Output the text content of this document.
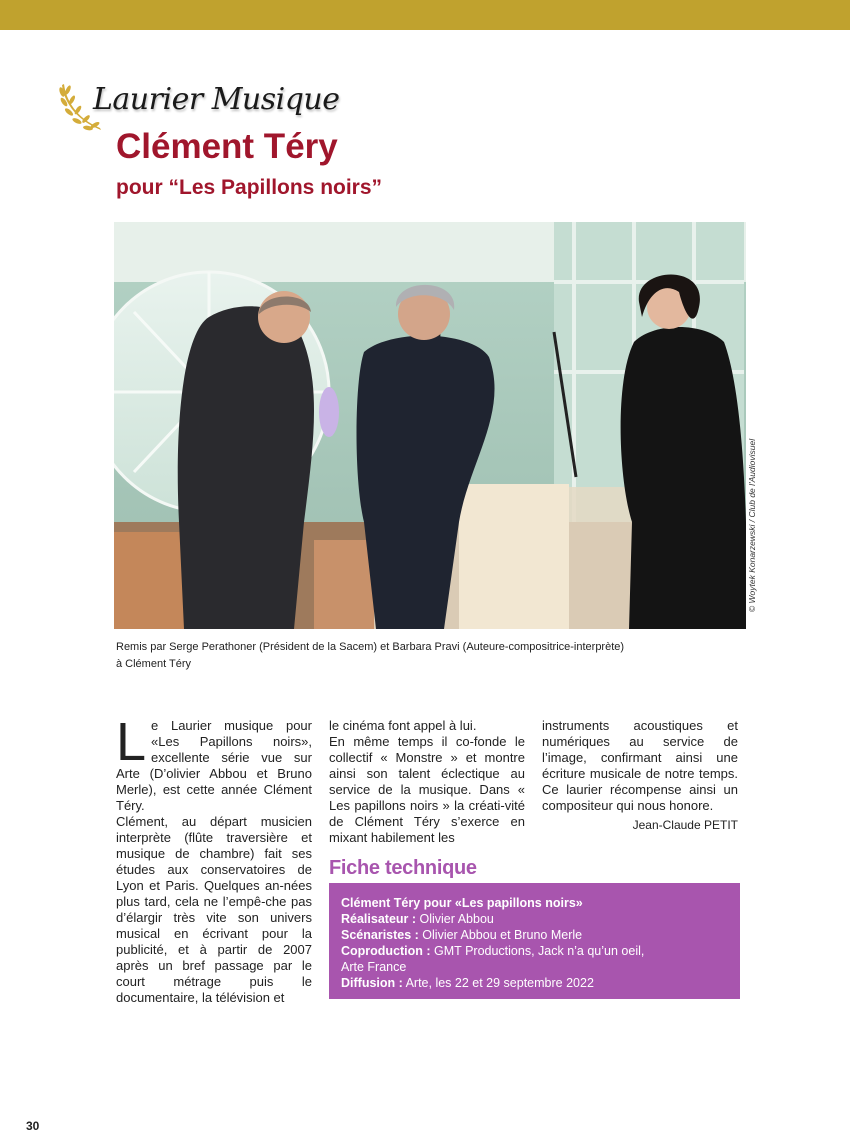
Laurier Musique
Clément Téry
pour “Les Papillons noirs”
© Woytek Konarzewski / Club de l'Audiovisuel

Remis par Serge Perathoner (Président de la Sacem) et Barbara Pravi (Auteure-compositrice-interprète)

à Clément Téry

Le Laurier musique pour «Les Papillons noirs», excellente série vue sur Arte (D’olivier Abbou et Bruno Merle), est cette année Clément Téry.

Clément, au départ musicien interprète (flûte traversière et musique de chambre) fait ses études aux conservatoires de Lyon et Paris. Quelques an-nées plus tard, cela ne l’empê-che pas d’élargir très vite son univers musical en écrivant pour la publicité, et à partir de 2007 après un bref passage par le court métrage puis le documentaire, la télévision et

le cinéma font appel à lui.

En même temps il co-fonde le collectif « Monstre » et montre ainsi son talent éclectique au service de la musique. Dans « Les papillons noirs » la créati-vité de Clément Téry s’exerce en mixant habilement les

instruments acoustiques et numériques au service de l’image, confirmant ainsi une écriture musicale de notre temps. Ce laurier récompense ainsi un compositeur qui nous honore.

Jean-Claude PETIT

Fiche technique

Clément Téry pour «Les papillons noirs»

Réalisateur : Olivier Abbou

Scénaristes : Olivier Abbou et Bruno Merle

Coproduction : GMT Productions, Jack n’a qu’un oeil,

Arte France

Diffusion : Arte, les 22 et 29 septembre 2022

30
